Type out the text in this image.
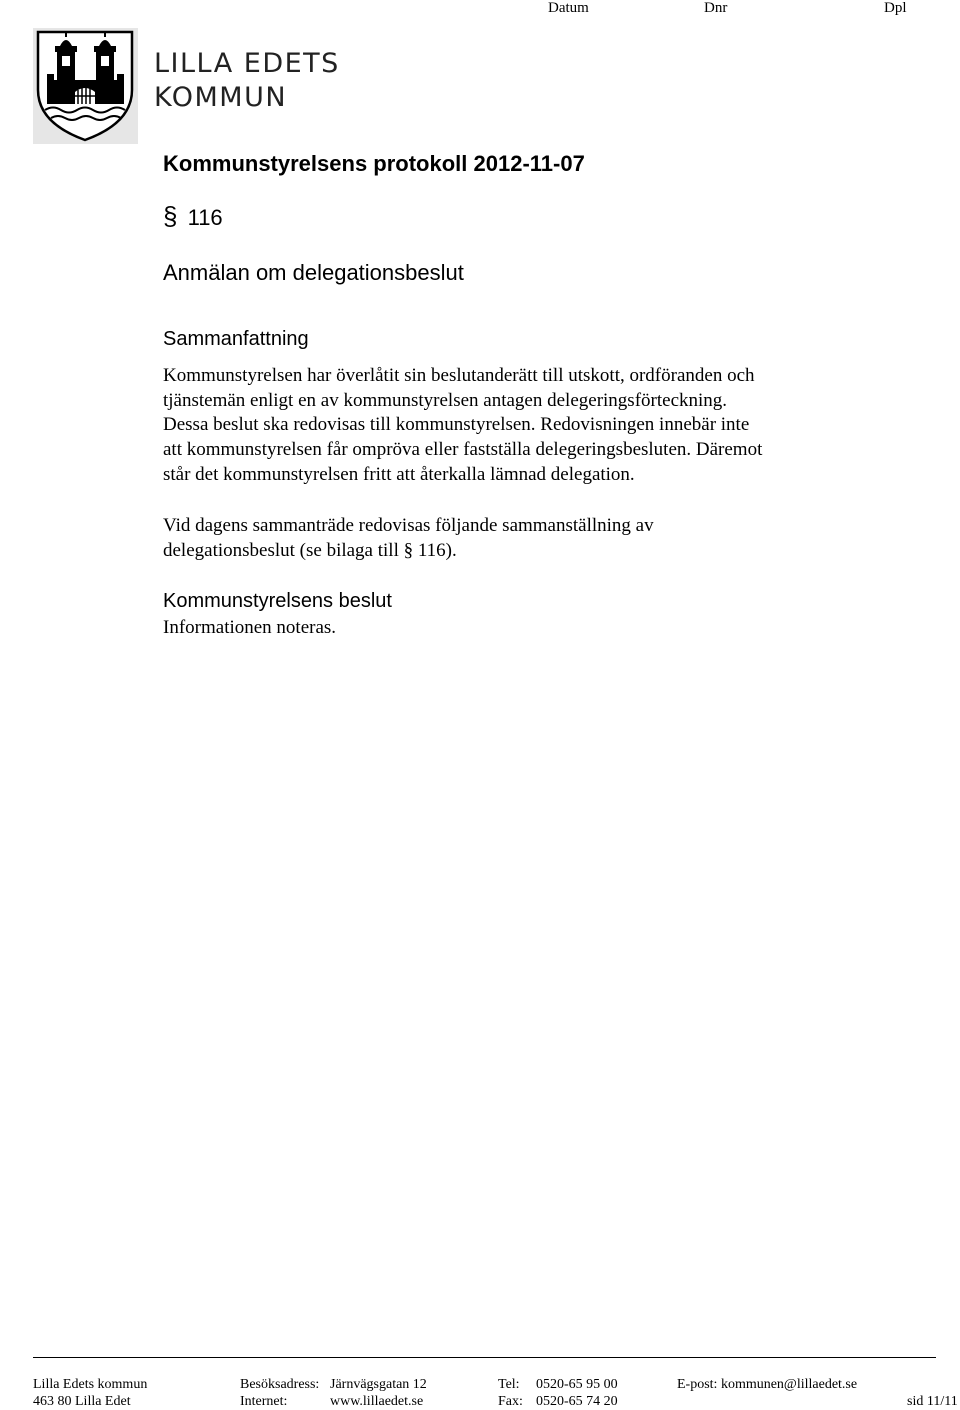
Datum	Dnr	Dpl
LILLA EDETS
KOMMUN
Kommunstyrelsens protokoll 2012-11-07
§ 116
Anmälan om delegationsbeslut
Sammanfattning
Kommunstyrelsen har överlåtit sin beslutanderätt till utskott, ordföranden och
tjänstemän enligt en av kommunstyrelsen antagen delegeringsförteckning.
Dessa beslut ska redovisas till kommunstyrelsen. Redovisningen innebär inte
att kommunstyrelsen får ompröva eller fastställa delegeringsbesluten. Däremot
står det kommunstyrelsen fritt att återkalla lämnad delegation.
Vid dagens sammanträde redovisas följande sammanställning av
delegationsbeslut (se bilaga till § 116).
Kommunstyrelsens beslut
Informationen noteras.
Lilla Edets kommun
463 80 Lilla Edet
Besöksadress: Järnvägsgatan 12
Internet:	www.lillaedet.se
Tel: 0520-65 95 00
Fax: 0520-65 74 20
E-post: kommunen@lillaedet.se
sid 11/11
